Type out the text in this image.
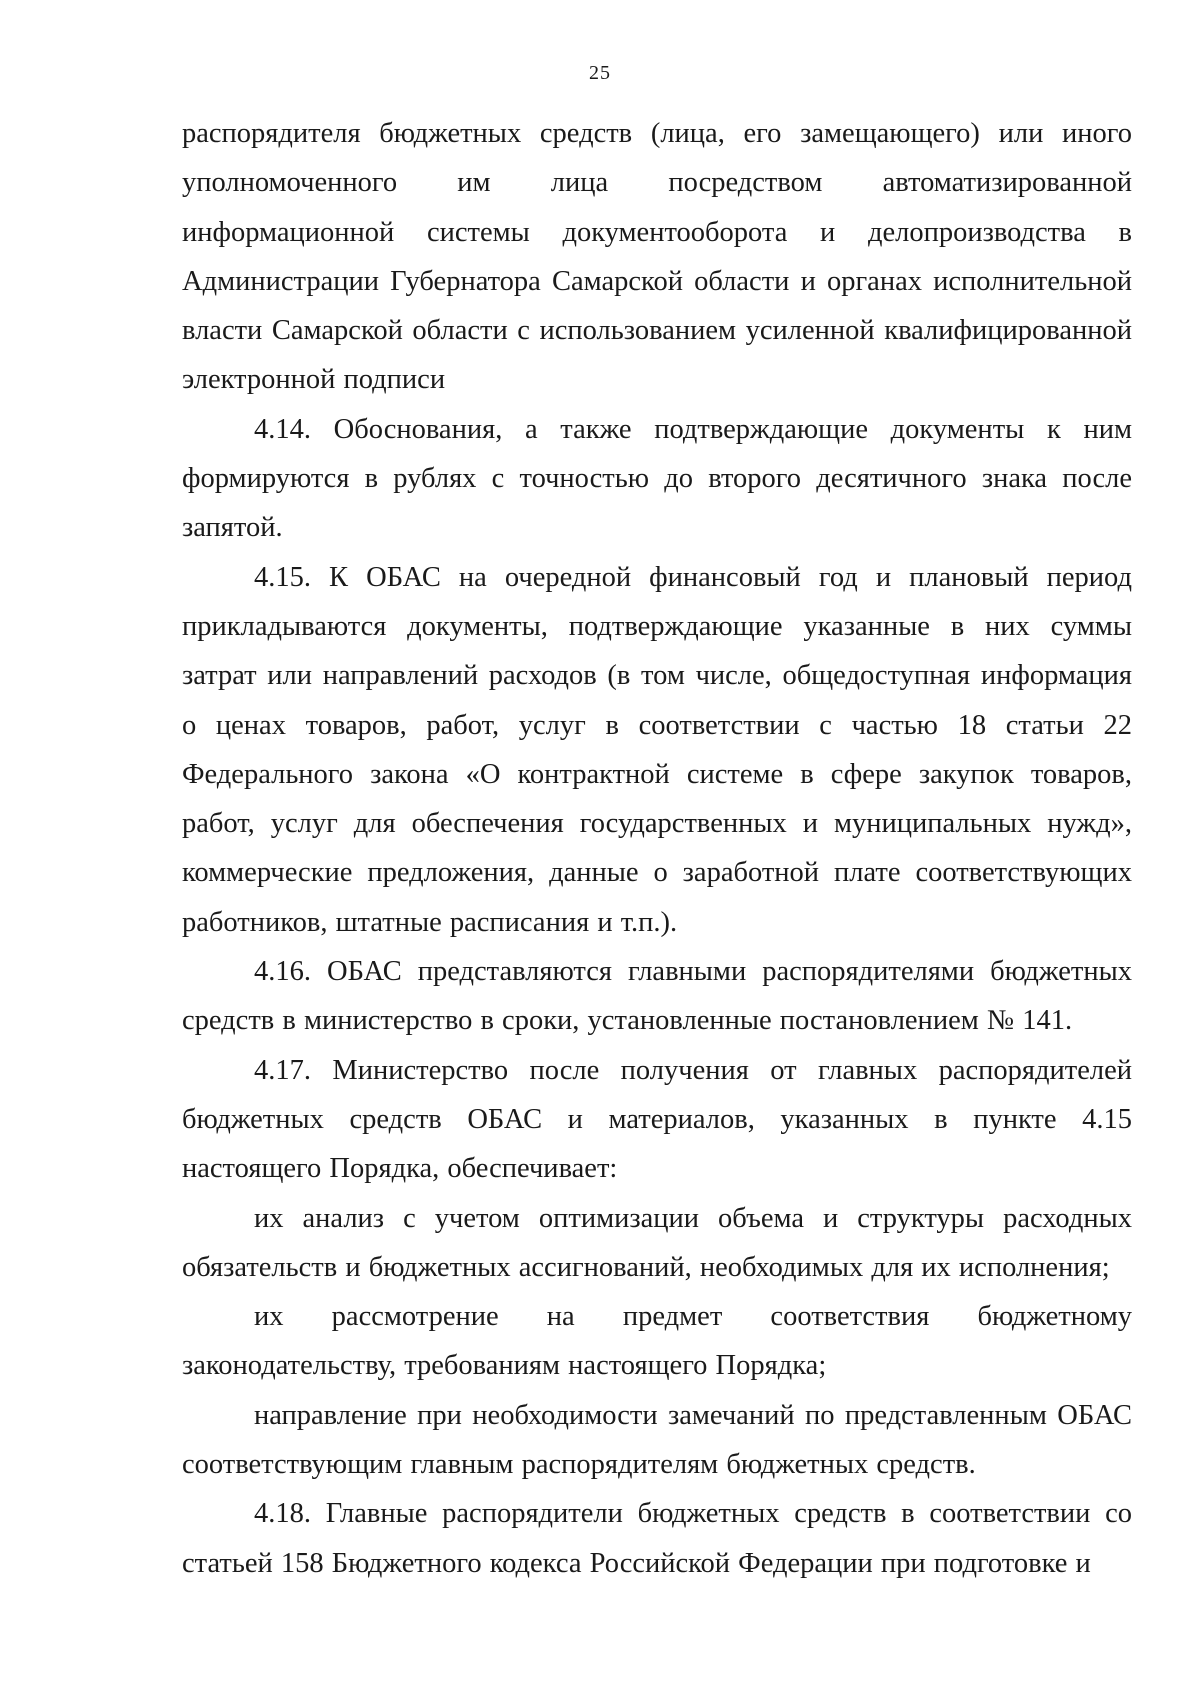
25

распорядителя бюджетных средств (лица, его замещающего) или иного уполномоченного им лица посредством автоматизированной информационной системы документооборота и делопроизводства в Администрации Губернатора Самарской области и органах исполнительной власти Самарской области с использованием усиленной квалифицированной электронной подписи

4.14. Обоснования, а также подтверждающие документы к ним формируются в рублях с точностью до второго десятичного знака после запятой.

4.15. К ОБАС на очередной финансовый год и плановый период прикладываются документы, подтверждающие указанные в них суммы затрат или направлений расходов (в том числе, общедоступная информация о ценах товаров, работ, услуг в соответствии с частью 18 статьи 22 Федерального закона «О контрактной системе в сфере закупок товаров, работ, услуг для обеспечения государственных и муниципальных нужд», коммерческие предложения, данные о заработной плате соответствующих работников, штатные расписания и т.п.).

4.16. ОБАС представляются главными распорядителями бюджетных средств в министерство в сроки, установленные постановлением № 141.

4.17. Министерство после получения от главных распорядителей бюджетных средств ОБАС и материалов, указанных в пункте 4.15 настоящего Порядка, обеспечивает:

их анализ с учетом оптимизации объема и структуры расходных обязательств и бюджетных ассигнований, необходимых для их исполнения;

их рассмотрение на предмет соответствия бюджетному законодательству, требованиям настоящего Порядка;

направление при необходимости замечаний по представленным ОБАС соответствующим главным распорядителям бюджетных средств.

4.18. Главные распорядители бюджетных средств в соответствии со статьей 158 Бюджетного кодекса Российской Федерации при подготовке и
